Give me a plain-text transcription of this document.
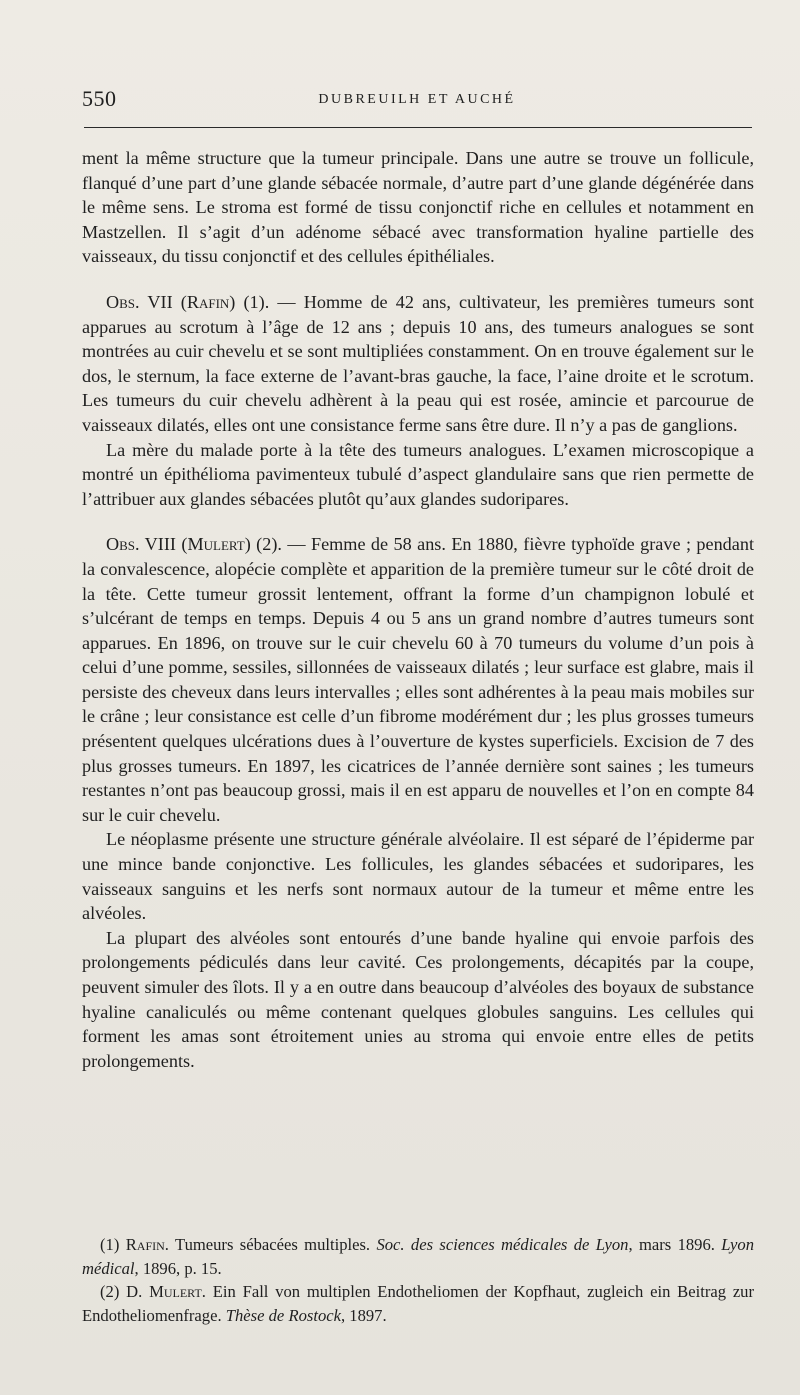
550	DUBREUILH ET AUCHÉ

ment la même structure que la tumeur principale. Dans une autre se trouve un follicule, flanqué d’une part d’une glande sébacée normale, d’autre part d’une glande dégénérée dans le même sens. Le stroma est formé de tissu conjonctif riche en cellules et notamment en Mastzellen. Il s’agit d’un adénome sébacé avec transformation hyaline partielle des vaisseaux, du tissu conjonctif et des cellules épithéliales.

Obs. VII (Rafin) (1). — Homme de 42 ans, cultivateur, les premières tumeurs sont apparues au scrotum à l’âge de 12 ans ; depuis 10 ans, des tumeurs analogues se sont montrées au cuir chevelu et se sont multipliées constamment. On en trouve également sur le dos, le sternum, la face externe de l’avant-bras gauche, la face, l’aine droite et le scrotum. Les tumeurs du cuir chevelu adhèrent à la peau qui est rosée, amincie et parcourue de vaisseaux dilatés, elles ont une consistance ferme sans être dure. Il n’y a pas de ganglions.

La mère du malade porte à la tête des tumeurs analogues. L’examen microscopique a montré un épithélioma pavimenteux tubulé d’aspect glandulaire sans que rien permette de l’attribuer aux glandes sébacées plutôt qu’aux glandes sudoripares.

Obs. VIII (Mulert) (2). — Femme de 58 ans. En 1880, fièvre typhoïde grave ; pendant la convalescence, alopécie complète et apparition de la première tumeur sur le côté droit de la tête. Cette tumeur grossit lentement, offrant la forme d’un champignon lobulé et s’ulcérant de temps en temps. Depuis 4 ou 5 ans un grand nombre d’autres tumeurs sont apparues. En 1896, on trouve sur le cuir chevelu 60 à 70 tumeurs du volume d’un pois à celui d’une pomme, sessiles, sillonnées de vaisseaux dilatés ; leur surface est glabre, mais il persiste des cheveux dans leurs intervalles ; elles sont adhérentes à la peau mais mobiles sur le crâne ; leur consistance est celle d’un fibrome modérément dur ; les plus grosses tumeurs présentent quelques ulcérations dues à l’ouverture de kystes superficiels. Excision de 7 des plus grosses tumeurs. En 1897, les cicatrices de l’année dernière sont saines ; les tumeurs restantes n’ont pas beaucoup grossi, mais il en est apparu de nouvelles et l’on en compte 84 sur le cuir chevelu.

Le néoplasme présente une structure générale alvéolaire. Il est séparé de l’épiderme par une mince bande conjonctive. Les follicules, les glandes sébacées et sudoripares, les vaisseaux sanguins et les nerfs sont normaux autour de la tumeur et même entre les alvéoles.

La plupart des alvéoles sont entourés d’une bande hyaline qui envoie parfois des prolongements pédiculés dans leur cavité. Ces prolongements, décapités par la coupe, peuvent simuler des îlots. Il y a en outre dans beaucoup d’alvéoles des boyaux de substance hyaline canaliculés ou même contenant quelques globules sanguins. Les cellules qui forment les amas sont étroitement unies au stroma qui envoie entre elles de petits prolongements.

(1) Rafin. Tumeurs sébacées multiples. Soc. des sciences médicales de Lyon, mars 1896. Lyon médical, 1896, p. 15.

(2) D. Mulert. Ein Fall von multiplen Endotheliomen der Kopfhaut, zugleich ein Beitrag zur Endotheliomenfrage. Thèse de Rostock, 1897.
